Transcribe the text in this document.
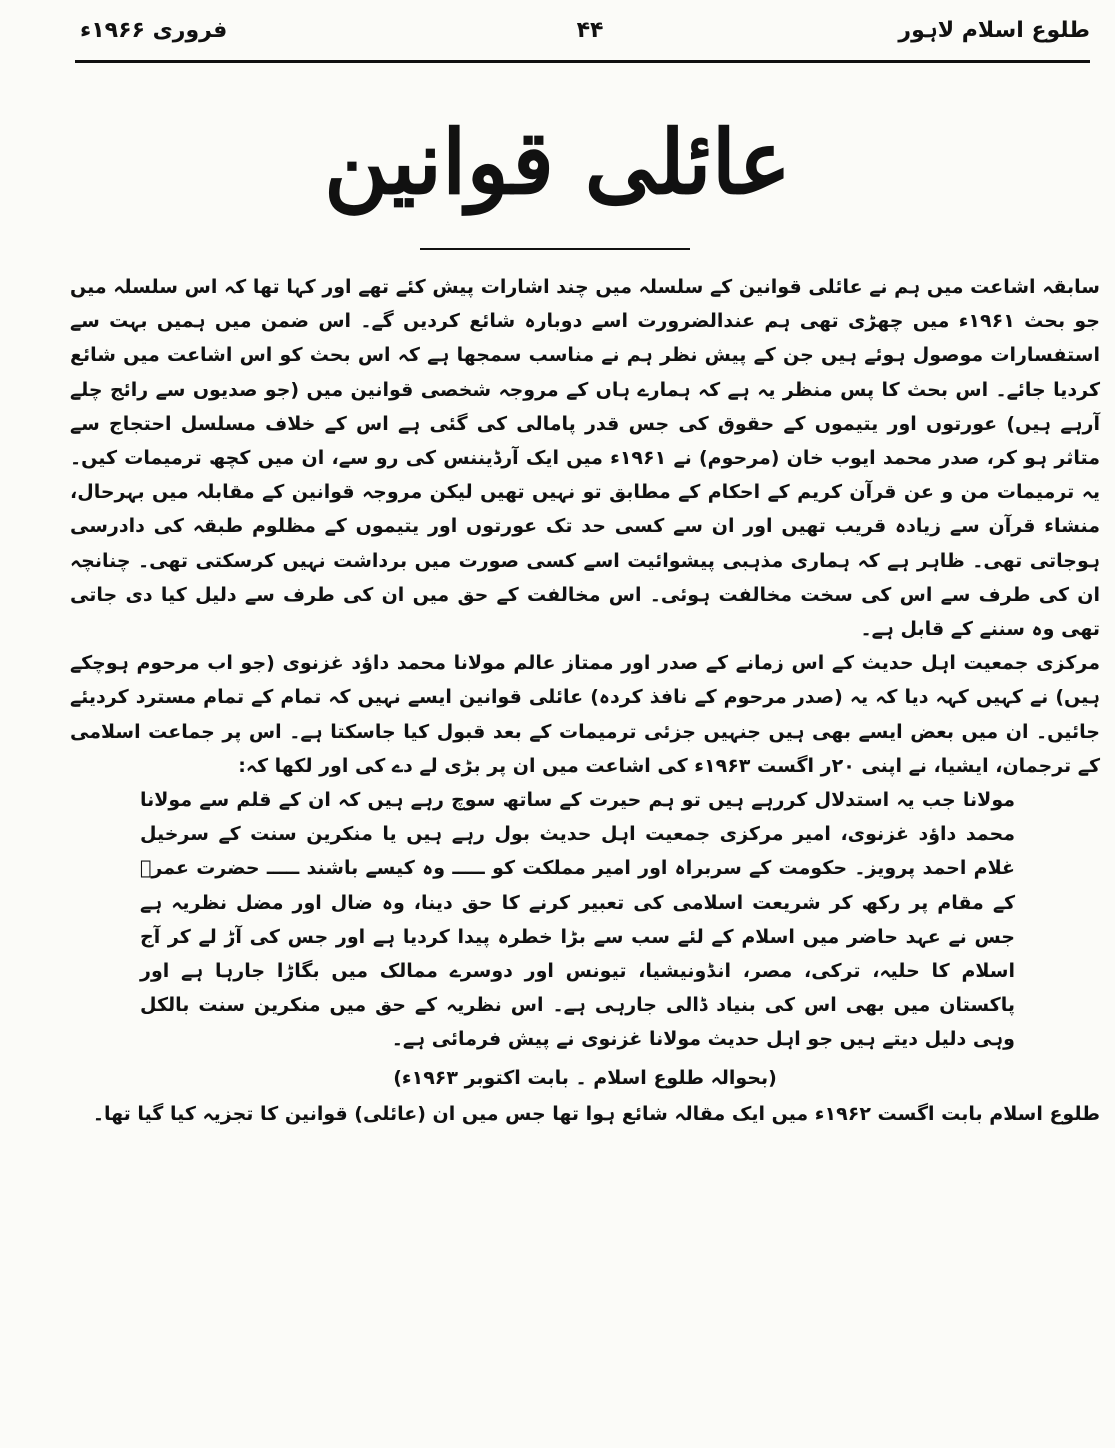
فروری ۱۹۶۶ء	۴۴	طلوع اسلام لاہور
عائلی قوانین

سابقہ اشاعت میں ہم نے عائلی قوانین کے سلسلہ میں چند اشارات پیش کئے تھے اور کہا تھا کہ اس سلسلہ میں جو بحث ۱۹۶۱ء میں چھڑی تھی ہم عندالضرورت اسے دوبارہ شائع کردیں گے۔ اس ضمن میں ہمیں بہت سے استفسارات موصول ہوئے ہیں جن کے پیش نظر ہم نے مناسب سمجھا ہے کہ اس بحث کو اس اشاعت میں شائع کردیا جائے۔ اس بحث کا پس منظر یہ ہے کہ ہمارے ہاں کے مروجہ شخصی قوانین میں (جو صدیوں سے رائج چلے آرہے ہیں) عورتوں اور یتیموں کے حقوق کی جس قدر پامالی کی گئی ہے اس کے خلاف مسلسل احتجاج سے متاثر ہو کر، صدر محمد ایوب خان (مرحوم) نے ۱۹۶۱ء میں ایک آرڈیننس کی رو سے، ان میں کچھ ترمیمات کیں۔ یہ ترمیمات من و عن قرآن کریم کے احکام کے مطابق تو نہیں تھیں لیکن مروجہ قوانین کے مقابلہ میں بہرحال، منشاء قرآن سے زیادہ قریب تھیں اور ان سے کسی حد تک عورتوں اور یتیموں کے مظلوم طبقہ کی دادرسی ہوجاتی تھی۔ ظاہر ہے کہ ہماری مذہبی پیشوائیت اسے کسی صورت میں برداشت نہیں کرسکتی تھی۔ چنانچہ ان کی طرف سے اس کی سخت مخالفت ہوئی۔ اس مخالفت کے حق میں ان کی طرف سے دلیل کیا دی جاتی تھی وہ سننے کے قابل ہے۔

مرکزی جمعیت اہل حدیث کے اس زمانے کے صدر اور ممتاز عالم مولانا محمد داؤد غزنوی (جو اب مرحوم ہوچکے ہیں) نے کہیں کہہ دیا کہ یہ (صدر مرحوم کے نافذ کردہ) عائلی قوانین ایسے نہیں کہ تمام کے تمام مسترد کردیئے جائیں۔ ان میں بعض ایسے بھی ہیں جنہیں جزئی ترمیمات کے بعد قبول کیا جاسکتا ہے۔ اس پر جماعت اسلامی کے ترجمان، ایشیا، نے اپنی ۲۰ر اگست ۱۹۶۳ء کی اشاعت میں ان پر بڑی لے دے کی اور لکھا کہ:

مولانا جب یہ استدلال کررہے ہیں تو ہم حیرت کے ساتھ سوچ رہے ہیں کہ ان کے قلم سے مولانا محمد داؤد غزنوی، امیر مرکزی جمعیت اہل حدیث بول رہے ہیں یا منکرین سنت کے سرخیل غلام احمد پرویز۔ حکومت کے سربراہ اور امیر مملکت کو ـــــ وہ کیسے باشند ـــــ حضرت عمرؓ کے مقام پر رکھ کر شریعت اسلامی کی تعبیر کرنے کا حق دینا، وہ ضال اور مضل نظریہ ہے جس نے عہد حاضر میں اسلام کے لئے سب سے بڑا خطرہ پیدا کردیا ہے اور جس کی آڑ لے کر آج اسلام کا حلیہ، ترکی، مصر، انڈونیشیا، تیونس اور دوسرے ممالک میں بگاڑا جارہا ہے اور پاکستان میں بھی اس کی بنیاد ڈالی جارہی ہے۔ اس نظریہ کے حق میں منکرین سنت بالکل وہی دلیل دیتے ہیں جو اہل حدیث مولانا غزنوی نے پیش فرمائی ہے۔

(بحوالہ طلوع اسلام ۔ بابت اکتوبر ۱۹۶۳ء)

طلوع اسلام بابت اگست ۱۹۶۲ء میں ایک مقالہ شائع ہوا تھا جس میں ان (عائلی) قوانین کا تجزیہ کیا گیا تھا۔
